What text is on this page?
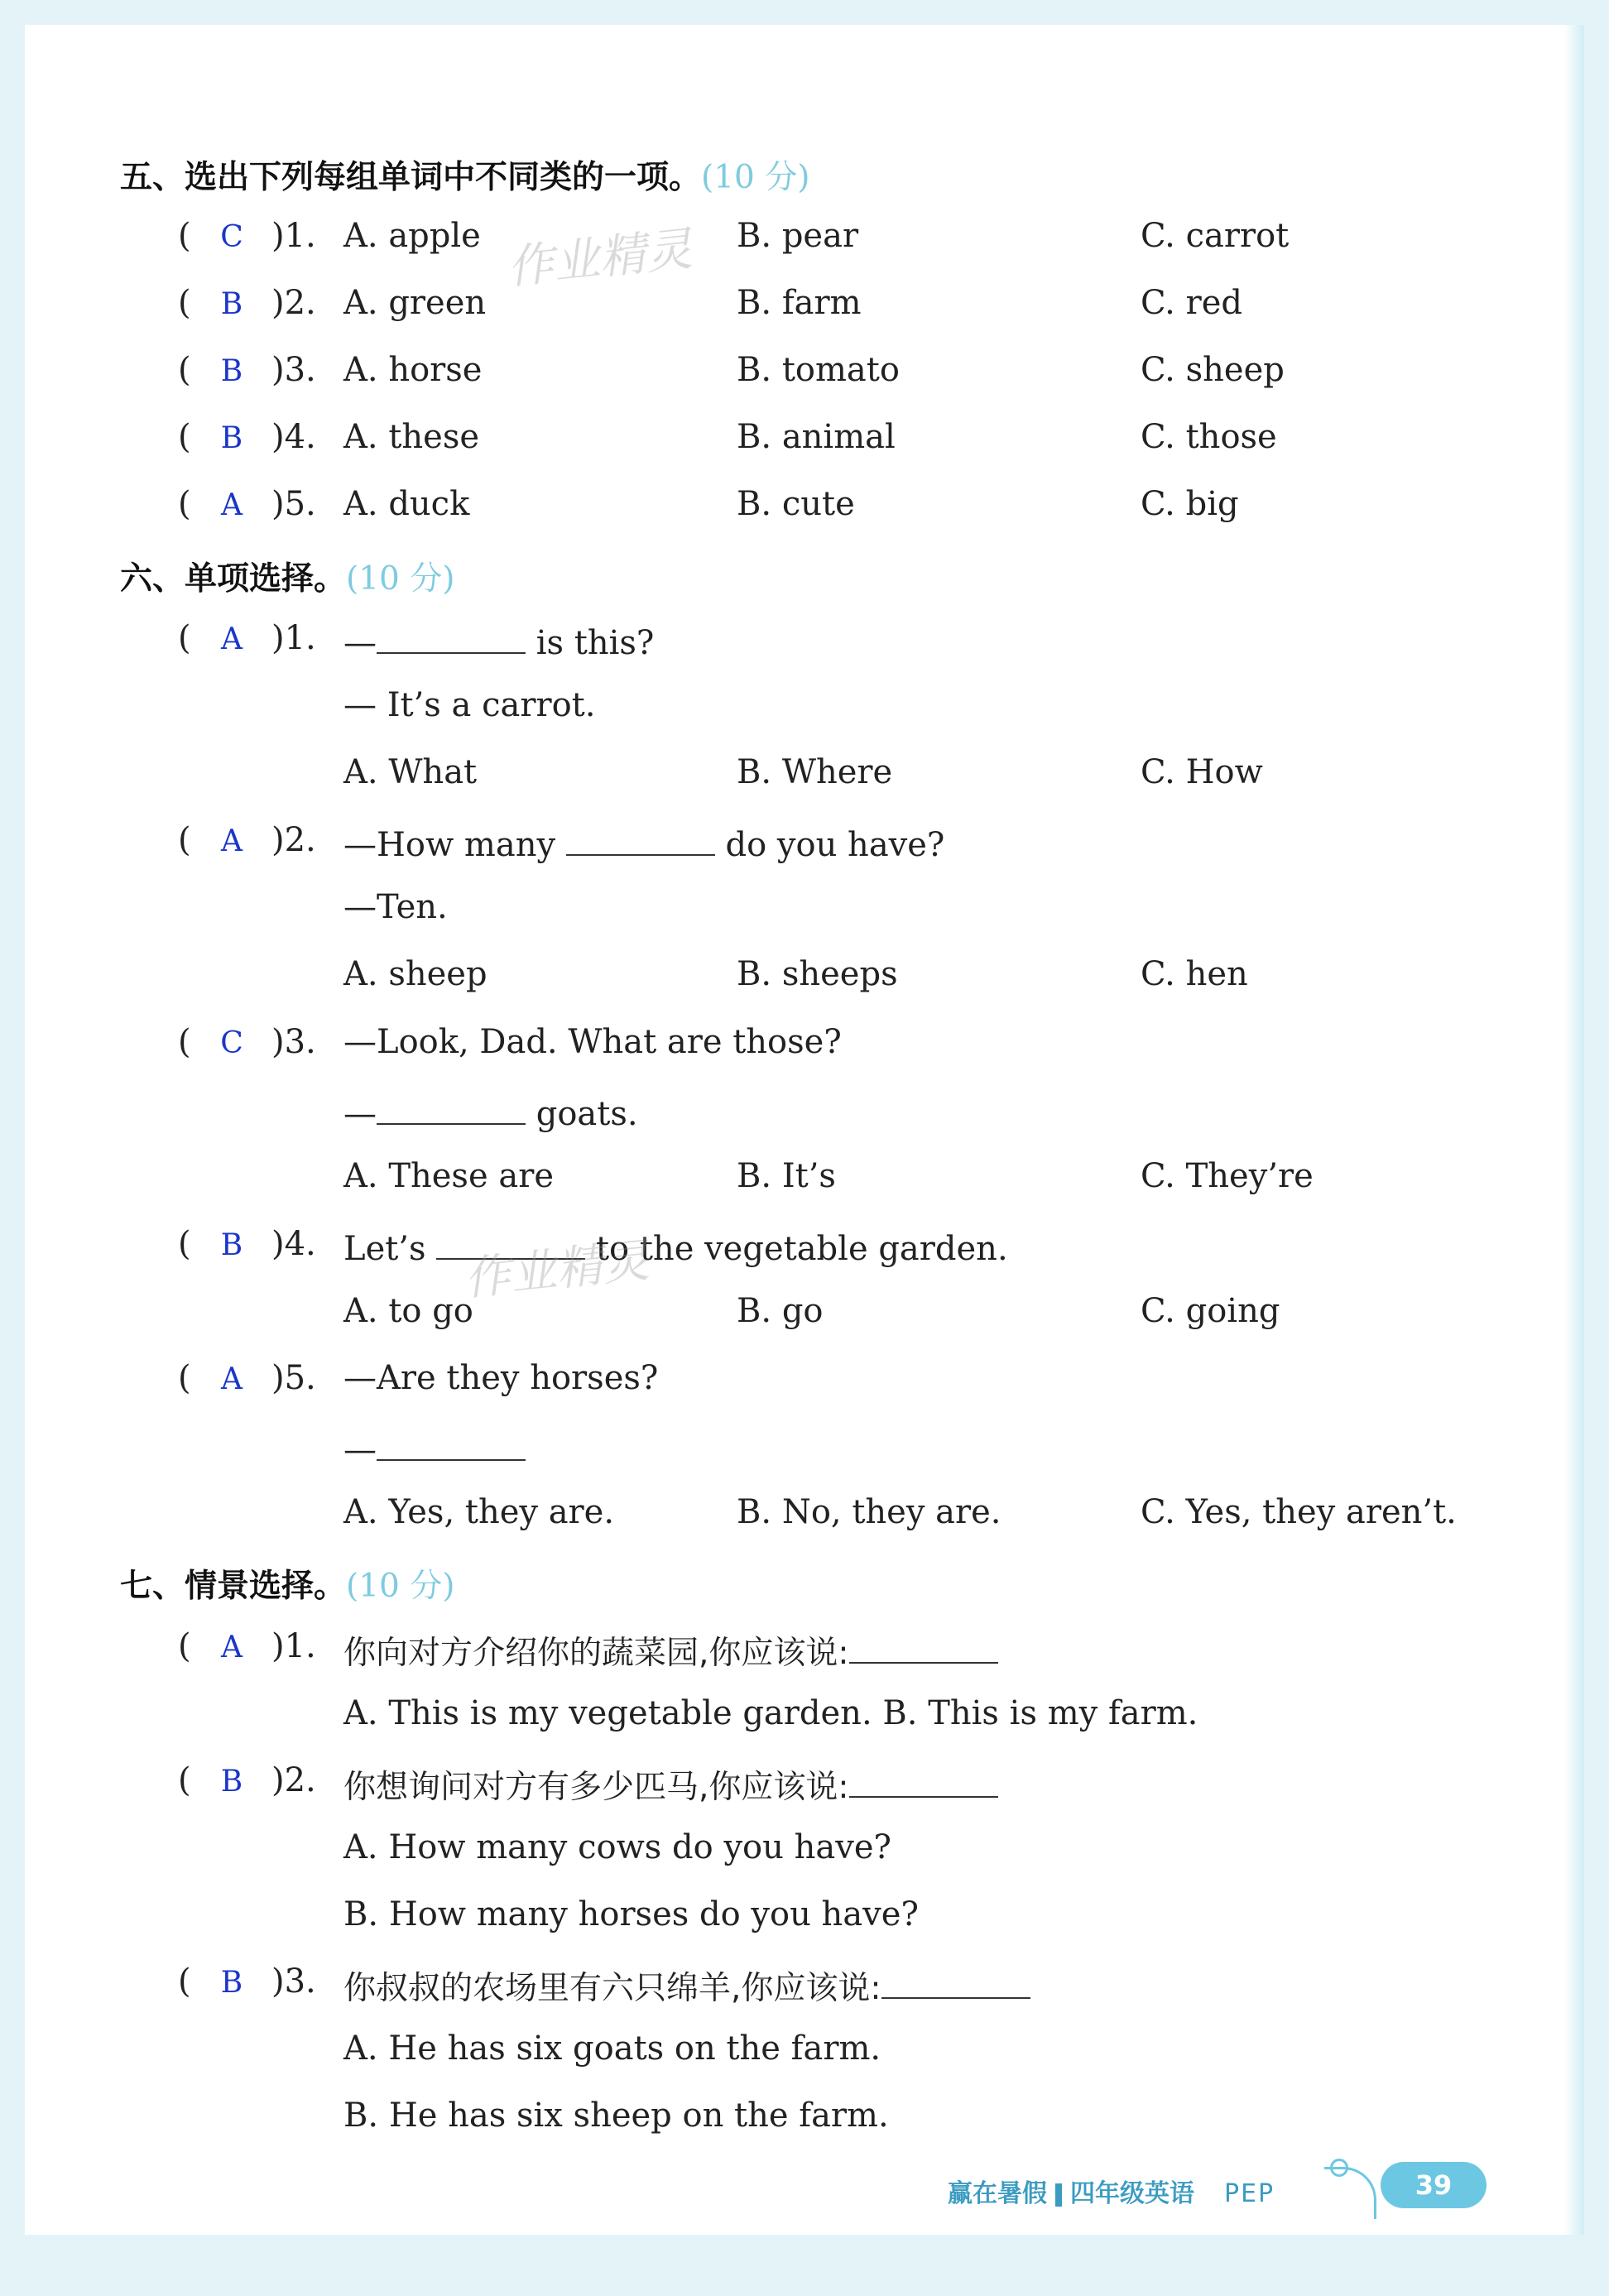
五、选出下列每组单词中不同类的一项。(10 分)
( C )1. A. apple	B. pear	C. carrot
( B )2. A. green	B. farm	C. red
( B )3. A. horse	B. tomato	C. sheep
( B )4. A. these	B. animal	C. those
( A )5. A. duck	B. cute	C. big
六、单项选择。(10 分)
( A )1. —	is this?
— It’s a carrot.
A. What	B. Where	C. How
( A )2. —How many	do you have?
—Ten.
A. sheep	B. sheeps	C. hen
( C )3. —Look, Dad. What are those?
—	goats.
A. These are	B. It’s	C. They’re
( B )4. Let’s	to the vegetable garden.
A. to go	B. go	C. going
( A )5. —Are they horses?
—
A. Yes, they are.	B. No, they are.	C. Yes, they aren’t.
七、情景选择。(10 分)
( A )1. 你向对方介绍你的蔬菜园,你应该说:
A. This is my vegetable garden. B. This is my farm.
( B )2. 你想询问对方有多少匹马,你应该说:
A. How many cows do you have?
B. How many horses do you have?
( B )3. 你叔叔的农场里有六只绵羊,你应该说:
A. He has six goats on the farm.
B. He has six sheep on the farm.
作业精灵
作业精灵
赢在暑假 四年级英语 PEP	39
